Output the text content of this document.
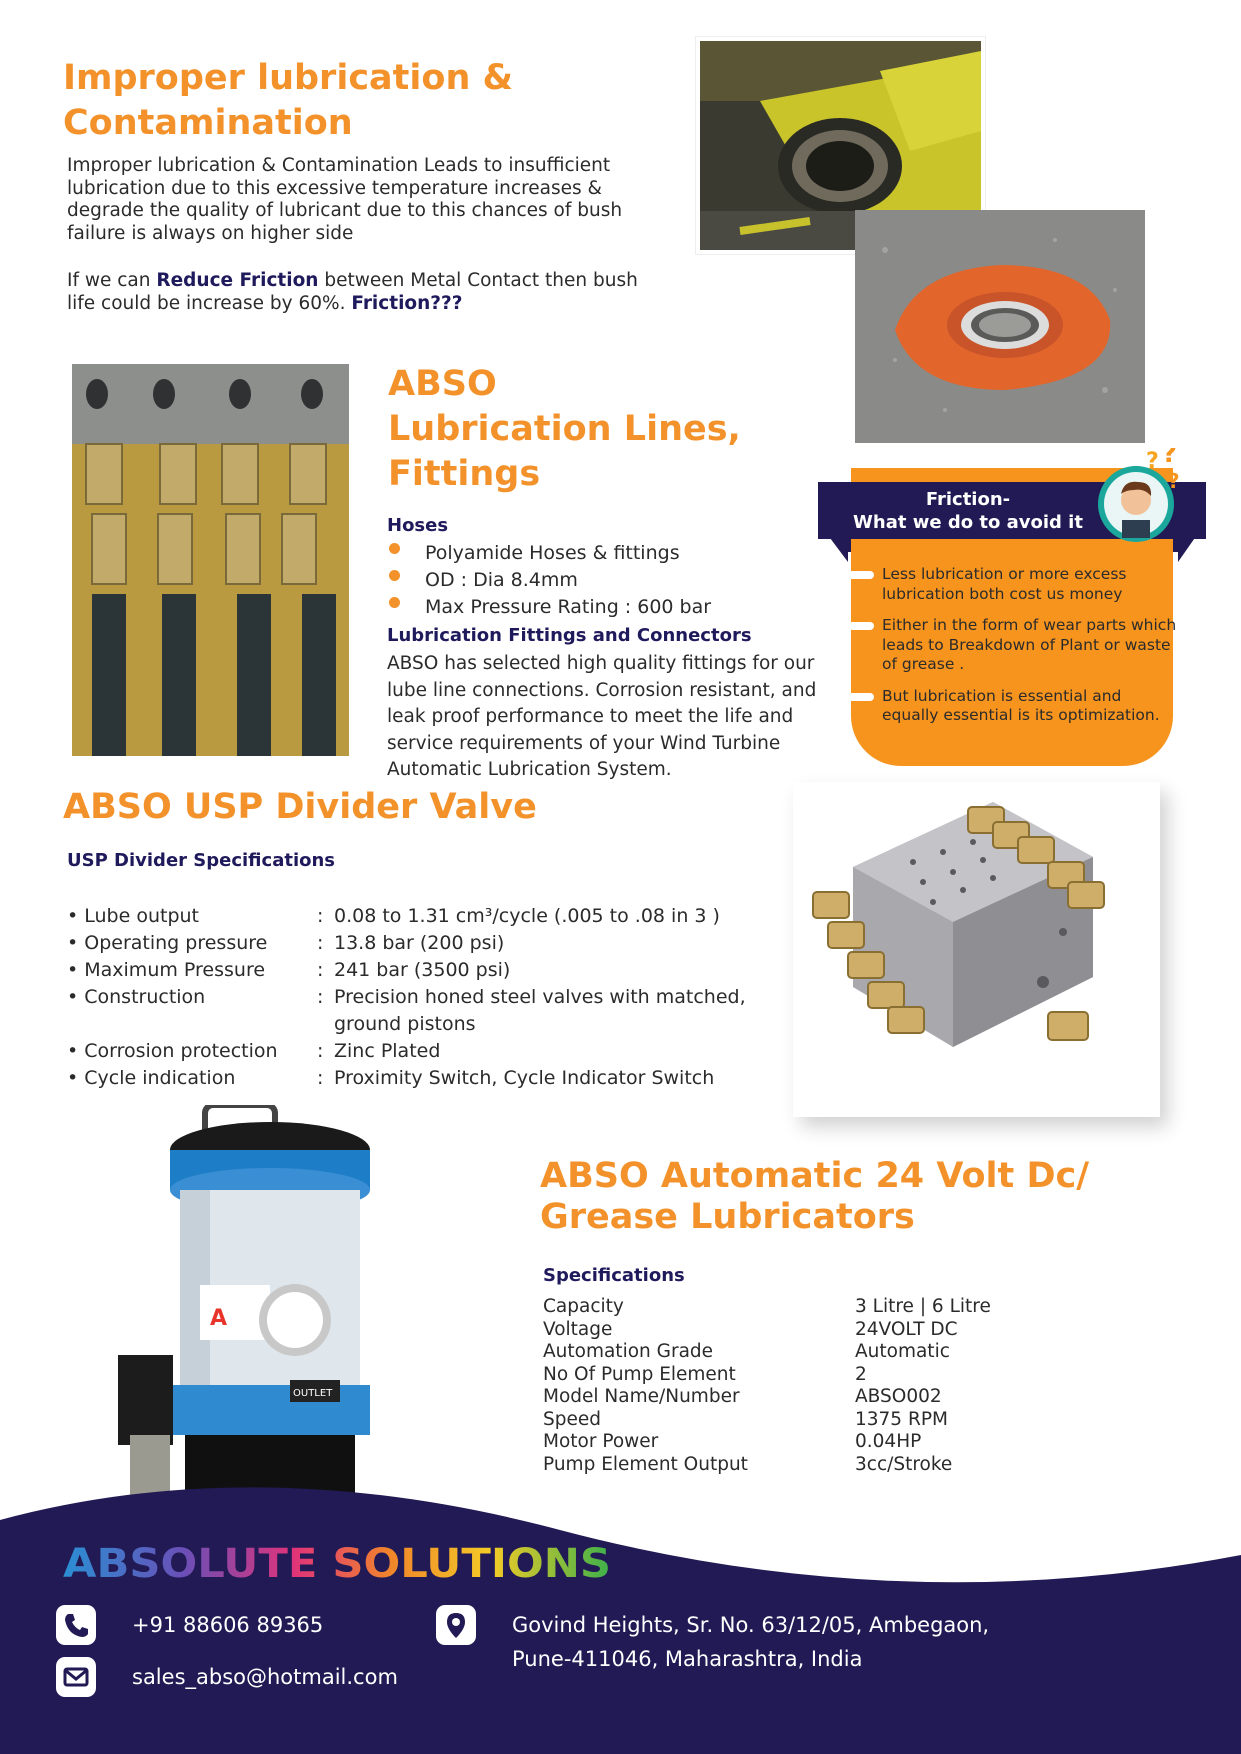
Improper lubrication & Contamination

Improper lubrication & Contamination Leads to insufficient lubrication due to this excessive temperature increases & degrade the quality of lubricant due to this chances of bush failure is always on higher side

If we can Reduce Friction between Metal Contact then bush life could be increase by 60%. Friction???

ABSO
Lubrication Lines,
Fittings
Hoses
Polyamide Hoses & fittings
OD : Dia 8.4mm
Max Pressure Rating : 600 bar
Lubrication Fittings and Connectors

ABSO has selected high quality fittings for our lube line connections. Corrosion resistant, and leak proof performance to meet the life and service requirements of your Wind Turbine Automatic Lubrication System.

Friction-
What we do to avoid it
? ?
?
Less lubrication or more excess lubrication both cost us money
Either in the form of wear parts which leads to Breakdown of Plant or waste of grease .
But lubrication is essential and equally essential is its optimization.
ABSO USP Divider Valve
USP Divider Specifications
• Lube output	: 0.08 to 1.31 cm³/cycle (.005 to .08 in 3 )
• Operating pressure	: 13.8 bar (200 psi)
• Maximum Pressure	: 241 bar (3500 psi)
• Construction	: Precision honed steel valves with matched, ground pistons
• Corrosion protection	: Zinc Plated
• Cycle indication	: Proximity Switch, Cycle Indicator Switch
A
OUTLET
ABSO Automatic 24 Volt Dc/
Grease Lubricators
Specifications
Capacity	3 Litre | 6 Litre
Voltage	24VOLT DC
Automation Grade	Automatic
No Of Pump Element	2
Model Name/Number	ABSO002
Speed	1375 RPM
Motor Power	0.04HP
Pump Element Output	3cc/Stroke
ABSOLUTE SOLUTIONS
+91 88606 89365
sales_abso@hotmail.com
Govind Heights, Sr. No. 63/12/05, Ambegaon,
Pune-411046, Maharashtra, India
